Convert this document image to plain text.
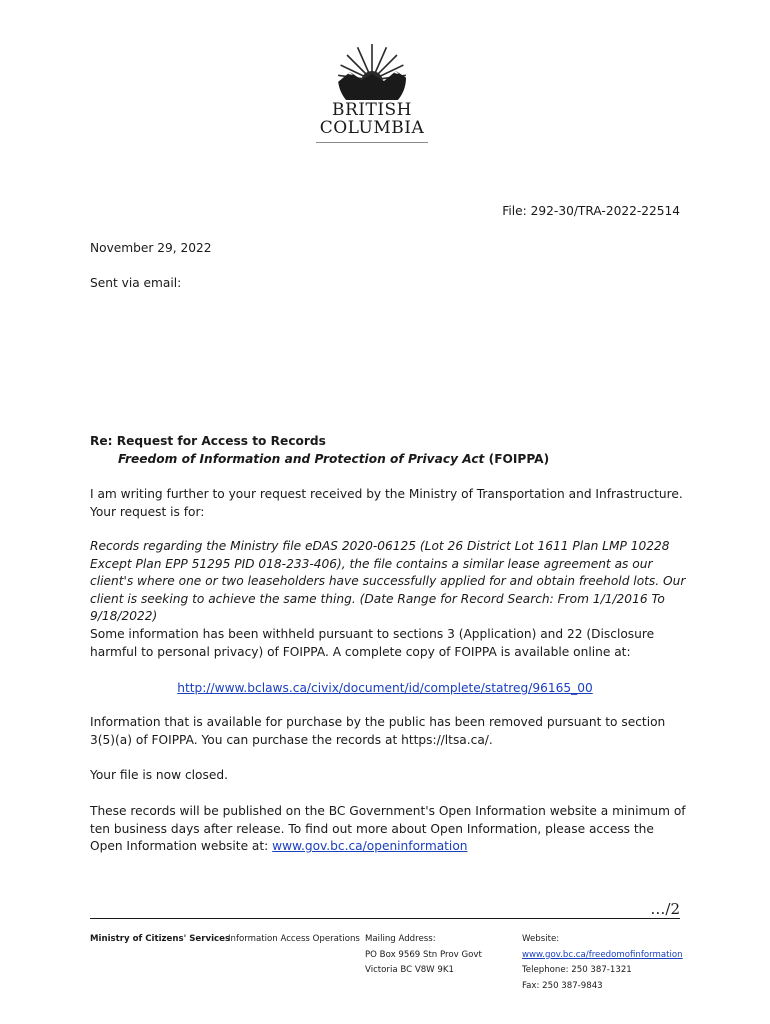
BRITISH
COLUMBIA
File: 292-30/TRA-2022-22514
November 29, 2022
Sent via email:
Re: Request for Access to Records
Freedom of Information and Protection of Privacy Act (FOIPPA)
I am writing further to your request received by the Ministry of Transportation and Infrastructure. Your request is for:
Records regarding the Ministry file eDAS 2020-06125 (Lot 26 District Lot 1611 Plan LMP 10228 Except Plan EPP 51295 PID 018-233-406), the file contains a similar lease agreement as our client's where one or two leaseholders have successfully applied for and obtain freehold lots. Our client is seeking to achieve the same thing. (Date Range for Record Search: From 1/1/2016 To 9/18/2022)
Some information has been withheld pursuant to sections 3 (Application) and 22 (Disclosure harmful to personal privacy) of FOIPPA. A complete copy of FOIPPA is available online at:
http://www.bclaws.ca/civix/document/id/complete/statreg/96165_00
Information that is available for purchase by the public has been removed pursuant to section 3(5)(a) of FOIPPA. You can purchase the records at https://ltsa.ca/.
Your file is now closed.
These records will be published on the BC Government's Open Information website a minimum of ten business days after release. To find out more about Open Information, please access the Open Information website at: www.gov.bc.ca/openinformation
…/2
Ministry of Citizens' Services
Information Access Operations Mailing Address:
PO Box 9569 Stn Prov Govt
Victoria BC V8W 9K1
Website:
www.gov.bc.ca/freedomofinformation
Telephone: 250 387-1321
Fax: 250 387-9843
